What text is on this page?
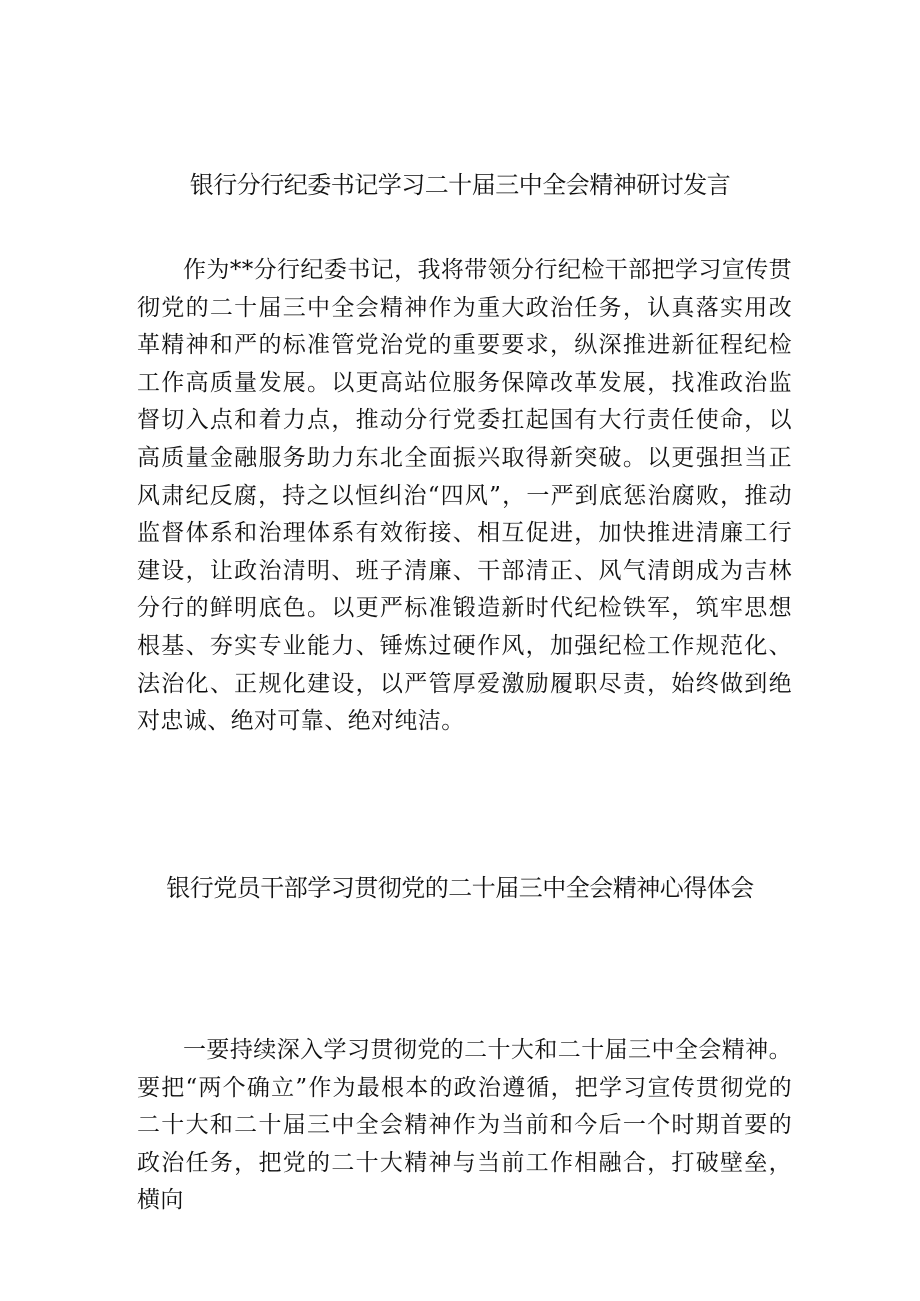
银行分行纪委书记学习二十届三中全会精神研讨发言

作为**分行纪委书记，我将带领分行纪检干部把学习宣传贯彻党的二十届三中全会精神作为重大政治任务，认真落实用改革精神和严的标准管党治党的重要要求，纵深推进新征程纪检工作高质量发展。以更高站位服务保障改革发展，找准政治监督切入点和着力点，推动分行党委扛起国有大行责任使命，以高质量金融服务助力东北全面振兴取得新突破。以更强担当正风肃纪反腐，持之以恒纠治“四风”，一严到底惩治腐败，推动监督体系和治理体系有效衔接、相互促进，加快推进清廉工行建设，让政治清明、班子清廉、干部清正、风气清朗成为吉林分行的鲜明底色。以更严标准锻造新时代纪检铁军，筑牢思想根基、夯实专业能力、锤炼过硬作风，加强纪检工作规范化、法治化、正规化建设，以严管厚爱激励履职尽责，始终做到绝对忠诚、绝对可靠、绝对纯洁。

银行党员干部学习贯彻党的二十届三中全会精神心得体会

一要持续深入学习贯彻党的二十大和二十届三中全会精神。要把“两个确立”作为最根本的政治遵循，把学习宣传贯彻党的二十大和二十届三中全会精神作为当前和今后一个时期首要的政治任务，把党的二十大精神与当前工作相融合，打破壁垒，横向
